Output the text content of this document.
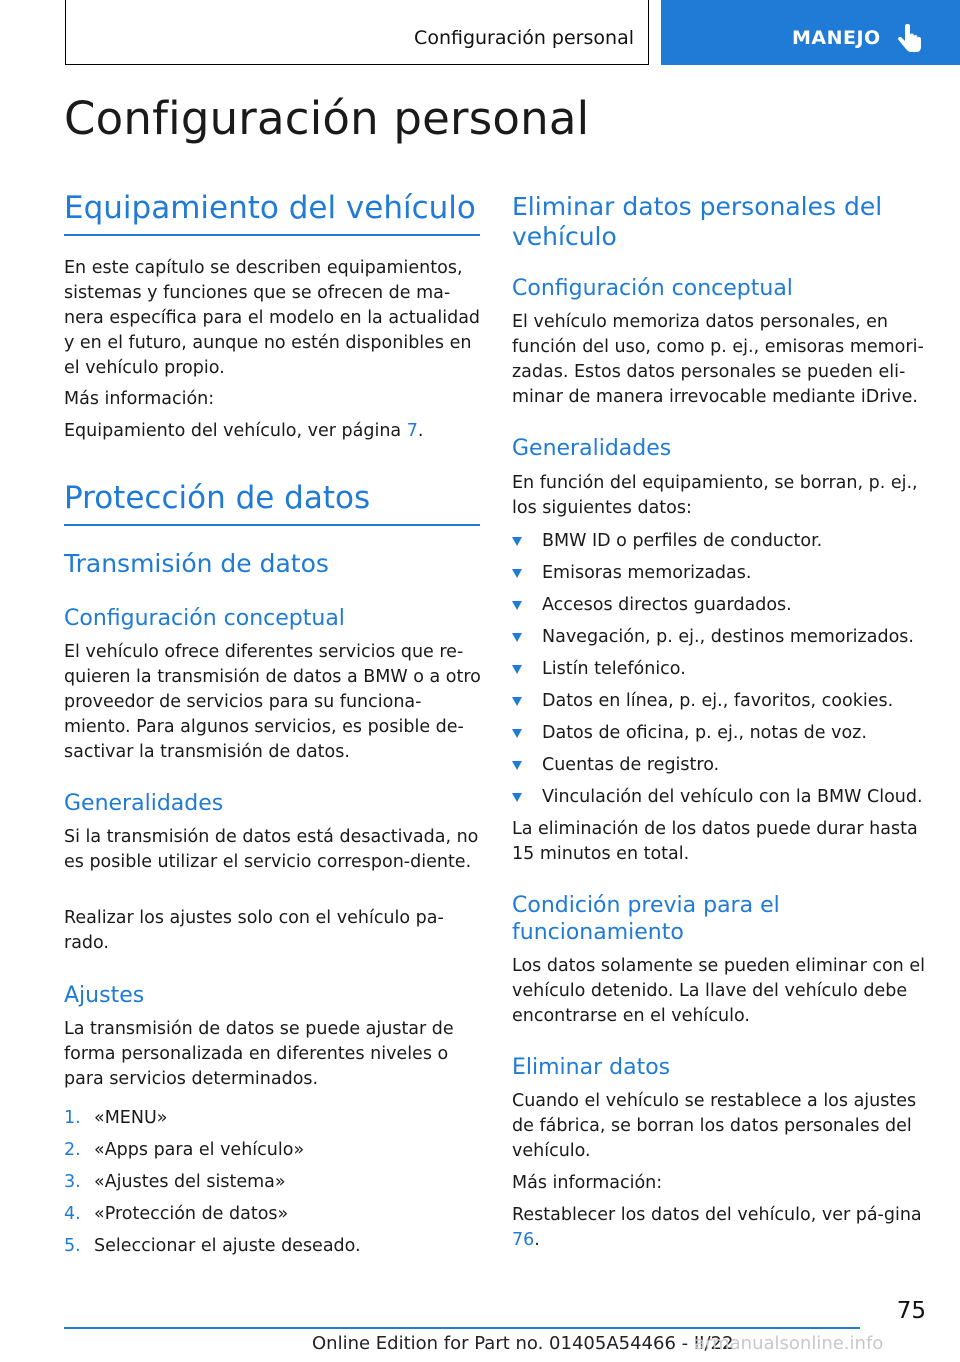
Configuración personal	MANEJO
Configuración personal
Equipamiento del vehículo
En este capítulo se describen equipamientos, sistemas y funciones que se ofrecen de ma-nera específica para el modelo en la actualidad y en el futuro, aunque no estén disponibles en el vehículo propio.
Más información:
Equipamiento del vehículo, ver página 7.
Protección de datos
Transmisión de datos
Configuración conceptual
El vehículo ofrece diferentes servicios que re-quieren la transmisión de datos a BMW o a otro proveedor de servicios para su funciona-miento. Para algunos servicios, es posible de-sactivar la transmisión de datos.
Generalidades
Si la transmisión de datos está desactivada, no es posible utilizar el servicio correspon-diente.
Realizar los ajustes solo con el vehículo pa-rado.
Ajustes
La transmisión de datos se puede ajustar de forma personalizada en diferentes niveles o para servicios determinados.
1. «MENU»
2. «Apps para el vehículo»
3. «Ajustes del sistema»
4. «Protección de datos»
5. Seleccionar el ajuste deseado.
Eliminar datos personales del vehículo
Configuración conceptual
El vehículo memoriza datos personales, en función del uso, como p. ej., emisoras memori-zadas. Estos datos personales se pueden eli-minar de manera irrevocable mediante iDrive.
Generalidades
En función del equipamiento, se borran, p. ej., los siguientes datos:
BMW ID o perfiles de conductor.
Emisoras memorizadas.
Accesos directos guardados.
Navegación, p. ej., destinos memorizados.
Listín telefónico.
Datos en línea, p. ej., favoritos, cookies.
Datos de oficina, p. ej., notas de voz.
Cuentas de registro.
Vinculación del vehículo con la BMW Cloud.
La eliminación de los datos puede durar hasta 15 minutos en total.
Condición previa para el funcionamiento
Los datos solamente se pueden eliminar con el vehículo detenido. La llave del vehículo debe encontrarse en el vehículo.
Eliminar datos
Cuando el vehículo se restablece a los ajustes de fábrica, se borran los datos personales del vehículo.
Más información:
Restablecer los datos del vehículo, ver pá-gina 76.
75
Online Edition for Part no. 01405A54466 - II/22
armanualsonline.info
